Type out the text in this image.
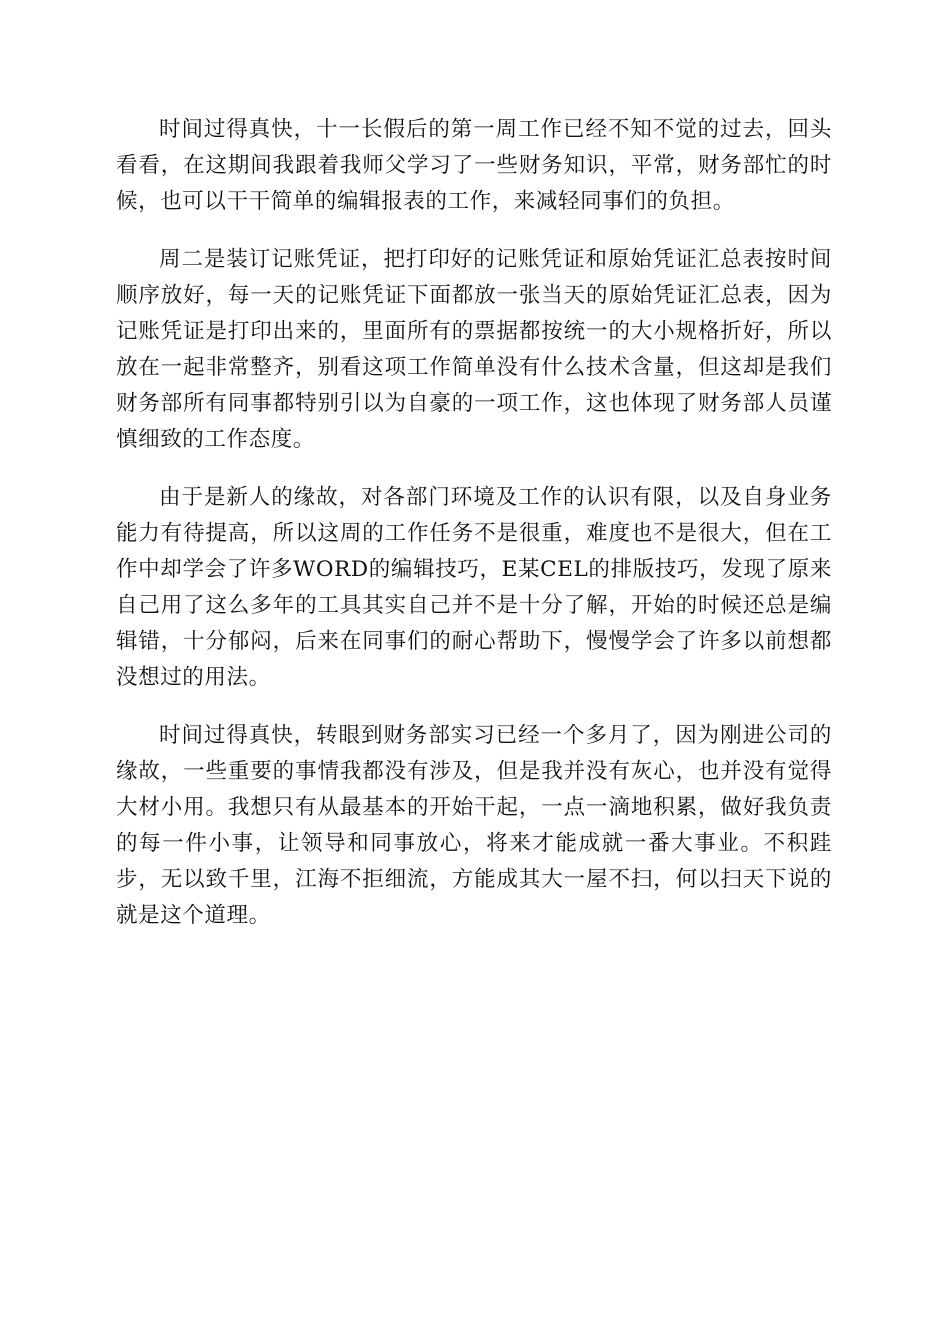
时间过得真快，十一长假后的第一周工作已经不知不觉的过去，回头看看，在这期间我跟着我师父学习了一些财务知识，平常，财务部忙的时候，也可以干干简单的编辑报表的工作，来减轻同事们的负担。

周二是装订记账凭证，把打印好的记账凭证和原始凭证汇总表按时间顺序放好，每一天的记账凭证下面都放一张当天的原始凭证汇总表，因为记账凭证是打印出来的，里面所有的票据都按统一的大小规格折好，所以放在一起非常整齐，别看这项工作简单没有什么技术含量，但这却是我们财务部所有同事都特别引以为自豪的一项工作，这也体现了财务部人员谨慎细致的工作态度。

由于是新人的缘故，对各部门环境及工作的认识有限，以及自身业务能力有待提高，所以这周的工作任务不是很重，难度也不是很大，但在工作中却学会了许多WORD的编辑技巧，E某CEL的排版技巧，发现了原来自己用了这么多年的工具其实自己并不是十分了解，开始的时候还总是编辑错，十分郁闷，后来在同事们的耐心帮助下，慢慢学会了许多以前想都没想过的用法。

时间过得真快，转眼到财务部实习已经一个多月了，因为刚进公司的缘故，一些重要的事情我都没有涉及，但是我并没有灰心，也并没有觉得大材小用。我想只有从最基本的开始干起，一点一滴地积累，做好我负责的每一件小事，让领导和同事放心，将来才能成就一番大事业。不积跬步，无以致千里，江海不拒细流，方能成其大一屋不扫，何以扫天下说的就是这个道理。
